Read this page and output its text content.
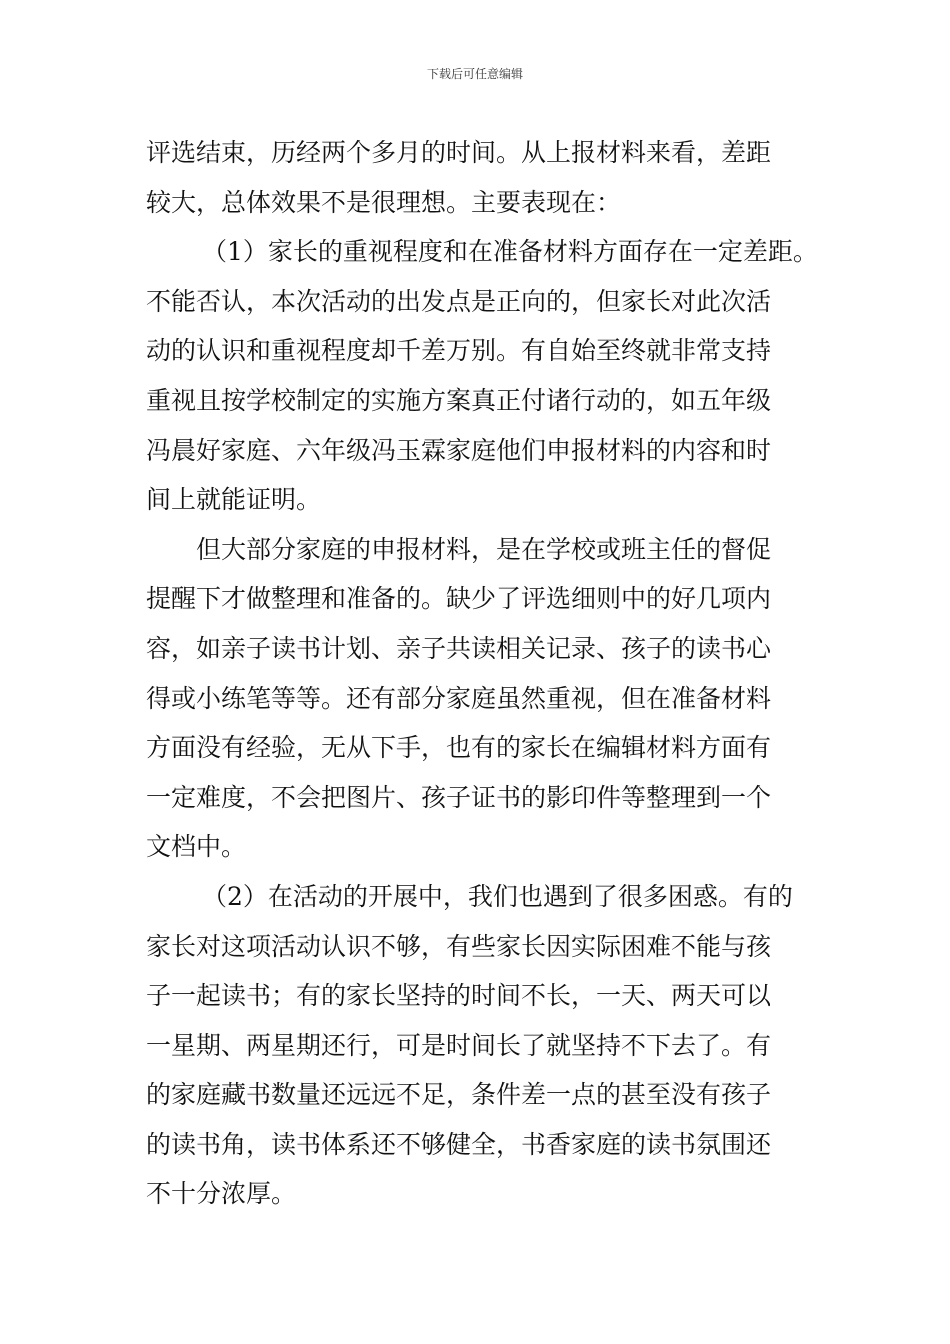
下载后可任意编辑
评选结束，历经两个多月的时间。从上报材料来看，差距
较大，总体效果不是很理想。主要表现在：
（1）家长的重视程度和在准备材料方面存在一定差距。
不能否认，本次活动的出发点是正向的，但家长对此次活
动的认识和重视程度却千差万别。有自始至终就非常支持
重视且按学校制定的实施方案真正付诸行动的，如五年级
冯晨好家庭、六年级冯玉霖家庭他们申报材料的内容和时
间上就能证明。
但大部分家庭的申报材料，是在学校或班主任的督促
提醒下才做整理和准备的。缺少了评选细则中的好几项内
容，如亲子读书计划、亲子共读相关记录、孩子的读书心
得或小练笔等等。还有部分家庭虽然重视，但在准备材料
方面没有经验，无从下手，也有的家长在编辑材料方面有
一定难度，不会把图片、孩子证书的影印件等整理到一个
文档中。
（2）在活动的开展中，我们也遇到了很多困惑。有的
家长对这项活动认识不够，有些家长因实际困难不能与孩
子一起读书；有的家长坚持的时间不长，一天、两天可以
一星期、两星期还行，可是时间长了就坚持不下去了。有
的家庭藏书数量还远远不足，条件差一点的甚至没有孩子
的读书角，读书体系还不够健全，书香家庭的读书氛围还
不十分浓厚。
